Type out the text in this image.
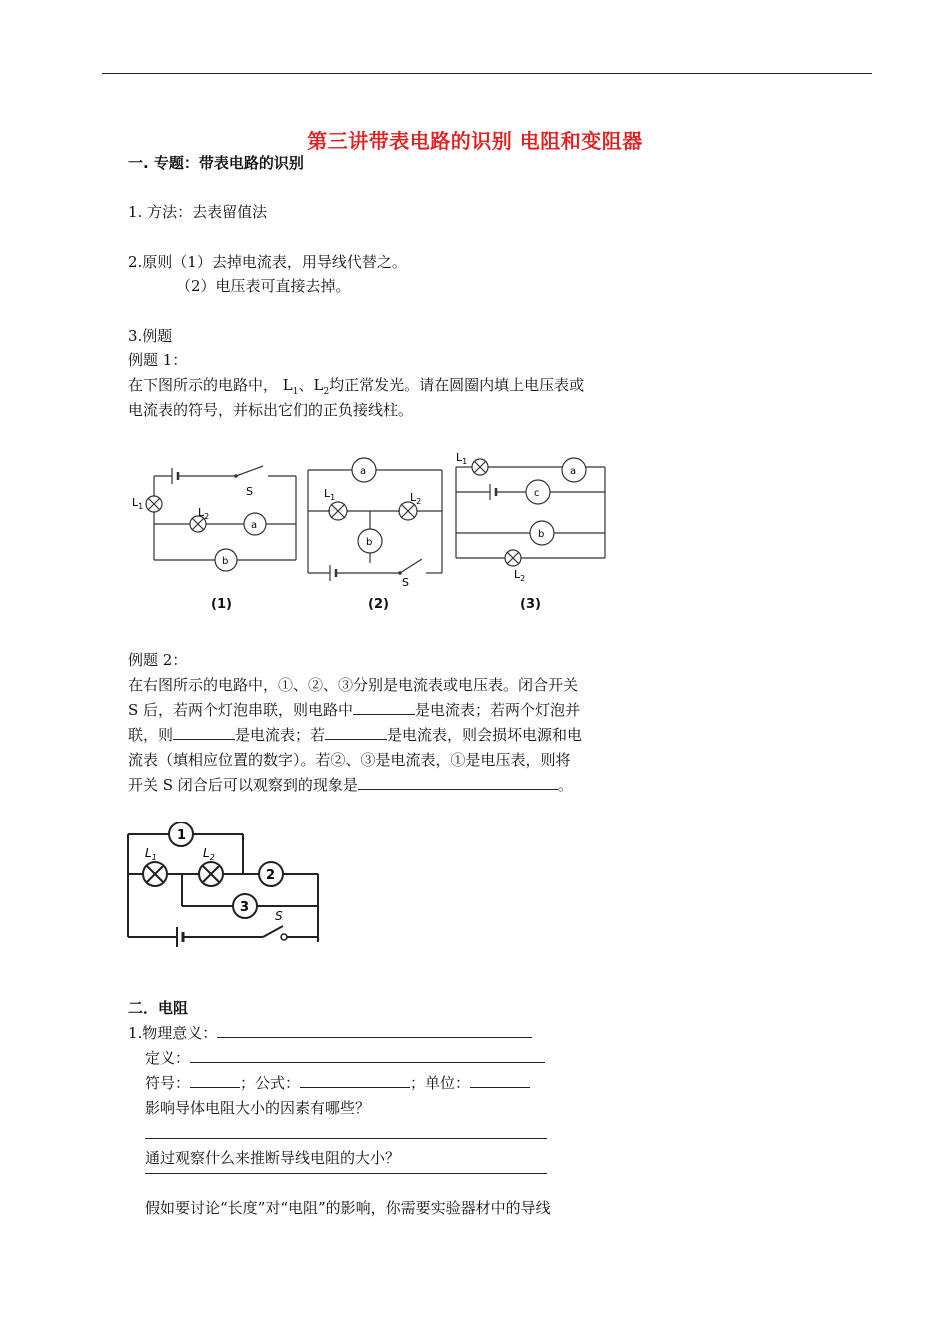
第三讲带表电路的识别 电阻和变阻器
一. 专题：带表电路的识别
1. 方法：去表留值法
2.原则（1）去掉电流表，用导线代替之。
（2）电压表可直接去掉。
3.例题
例题 1：
在下图所示的电路中， $L_1$、$L_2$均正常发光。请在圆圈内填上电压表或
电流表的符号，并标出它们的正负接线柱。
S
$L_1$	$L_2$
a
b
a
b
$L_1$	$L_2$
S
$L_1$
a
c
b
$L_2$
(1)	(2)	(3)
例题 2：
在右图所示的电路中，①、②、③分别是电流表或电压表。闭合开关
S 后，若两个灯泡串联，则电路中	是电流表；若两个灯泡并
联，则	是电流表；若	是电流表，则会损坏电源和电
流表（填相应位置的数字）。若②、③是电流表，①是电压表，则将
开关 S 闭合后可以观察到的现象是	。
1
2
3
$L_1$	$L_2$
S
二．电阻
1.物理意义：
定义：
符号：	；公式：	；单位：
影响导体电阻大小的因素有哪些？
通过观察什么来推断导线电阻的大小？
假如要讨论“长度”对“电阻”的影响，你需要实验器材中的导线
